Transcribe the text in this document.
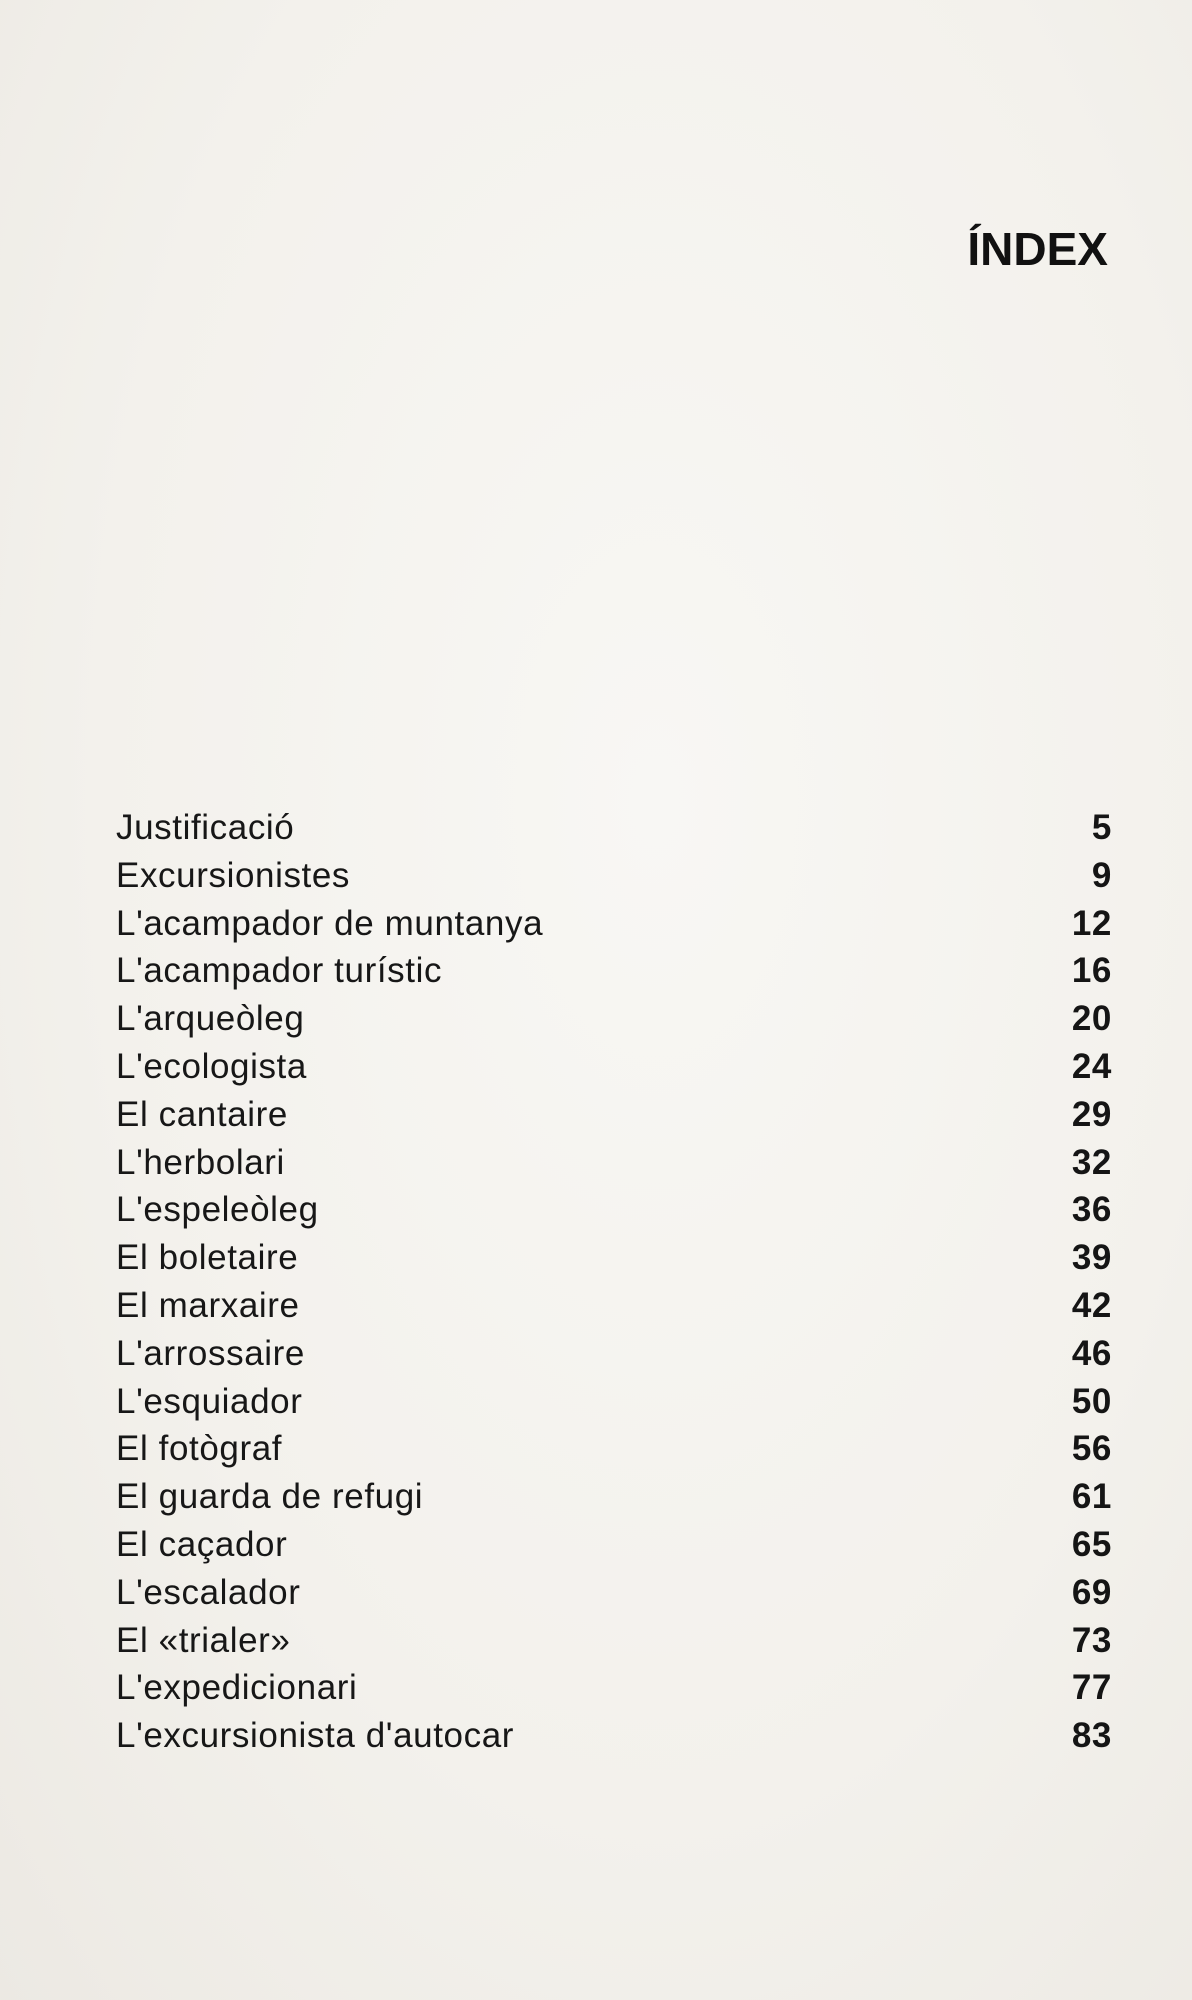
ÍNDEX
Justificació	5
Excursionistes	9
L'acampador de muntanya	12
L'acampador turístic	16
L'arqueòleg	20
L'ecologista	24
El cantaire	29
L'herbolari	32
L'espeleòleg	36
El boletaire	39
El marxaire	42
L'arrossaire	46
L'esquiador	50
El fotògraf	56
El guarda de refugi	61
El caçador	65
L'escalador	69
El «trialer»	73
L'expedicionari	77
L'excursionista d'autocar	83
